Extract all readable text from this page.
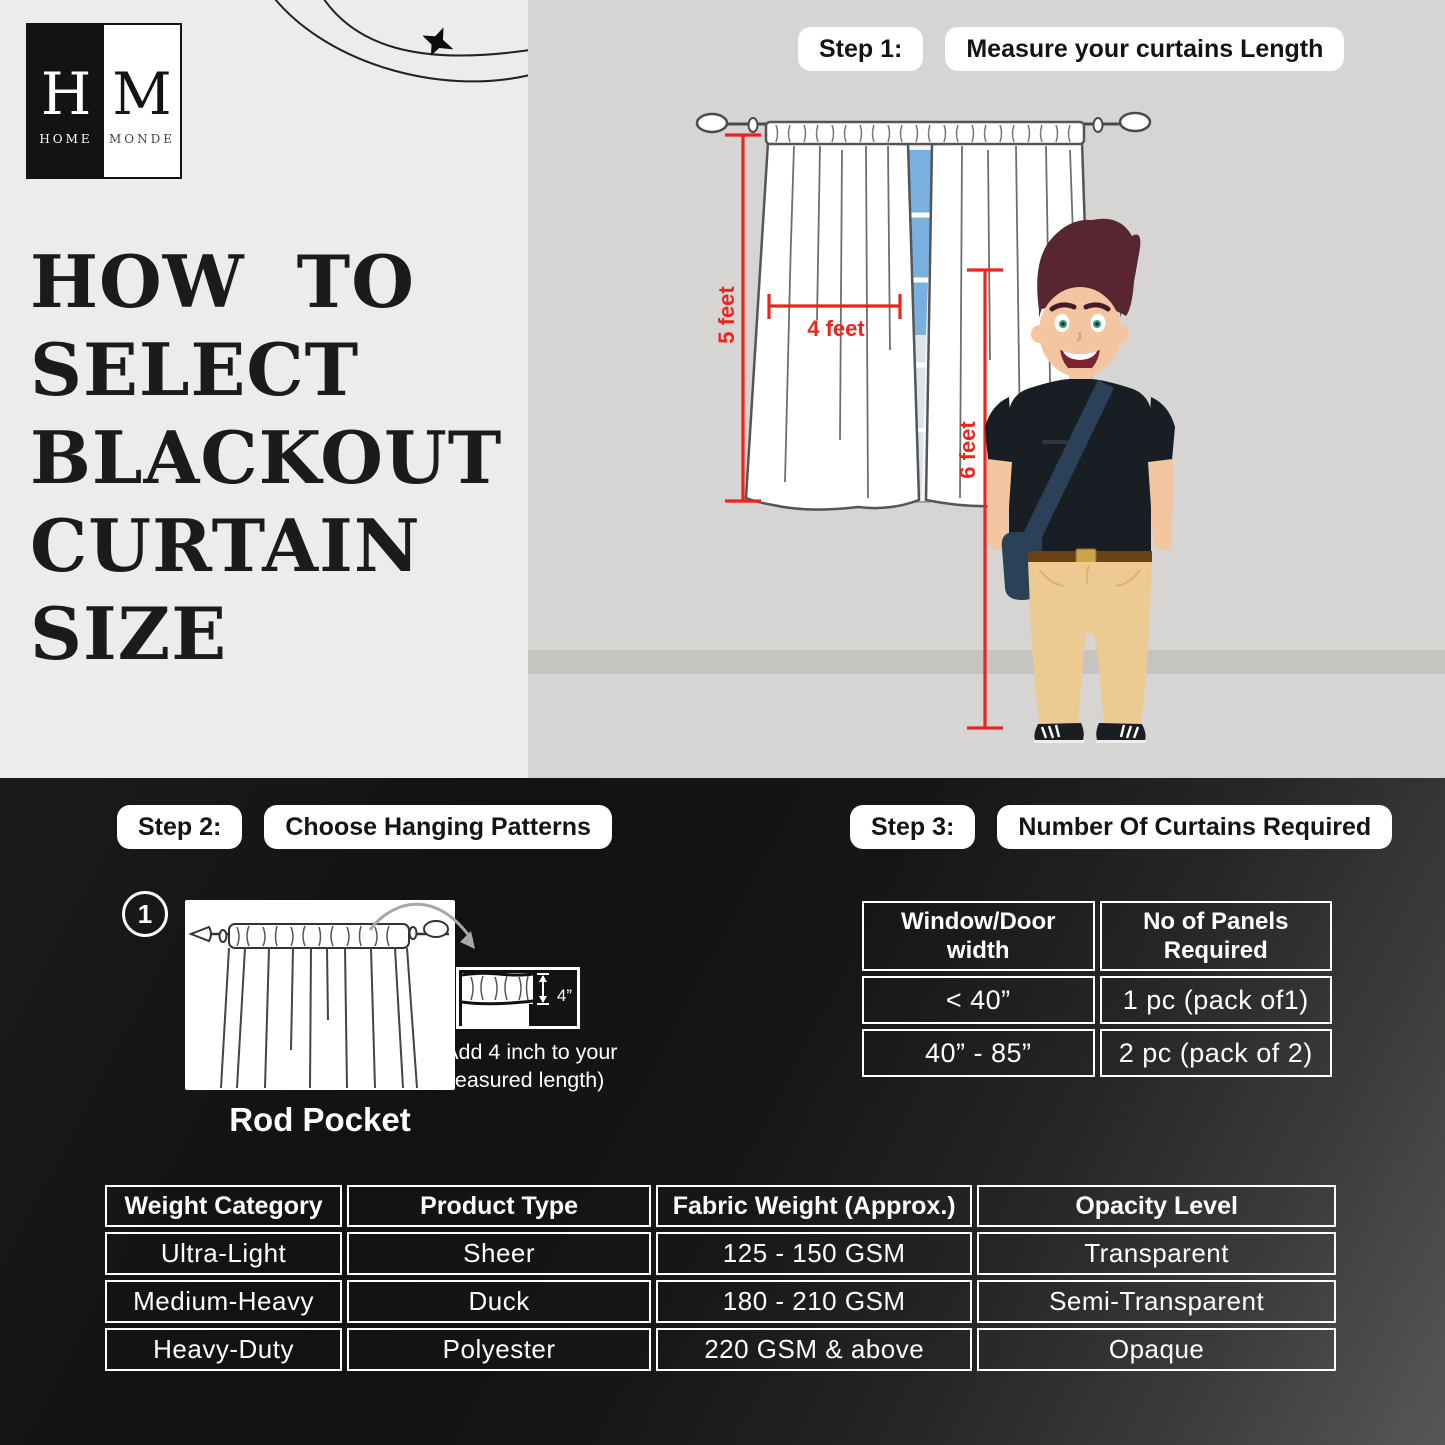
H
HOME
M
MONDE
HOW TO
SELECT
BLACKOUT
CURTAIN
SIZE
Step 1:	Measure your curtains Length
5 feet	4 feet
6 feet
Step 2:	Choose Hanging Patterns
1
4”
(Add 4 inch to your
measured length)
Rod Pocket
Step 3:	Number Of Curtains Required
Window/Door width	No of Panels Required
< 40”	1 pc (pack of1)
40” - 85”	2 pc (pack of 2)
Weight Category	Product Type	Fabric Weight (Approx.)	Opacity Level
Ultra-Light	Sheer	125 - 150 GSM	Transparent
Medium-Heavy	Duck	180 - 210 GSM	Semi-Transparent
Heavy-Duty	Polyester	220 GSM & above	Opaque
